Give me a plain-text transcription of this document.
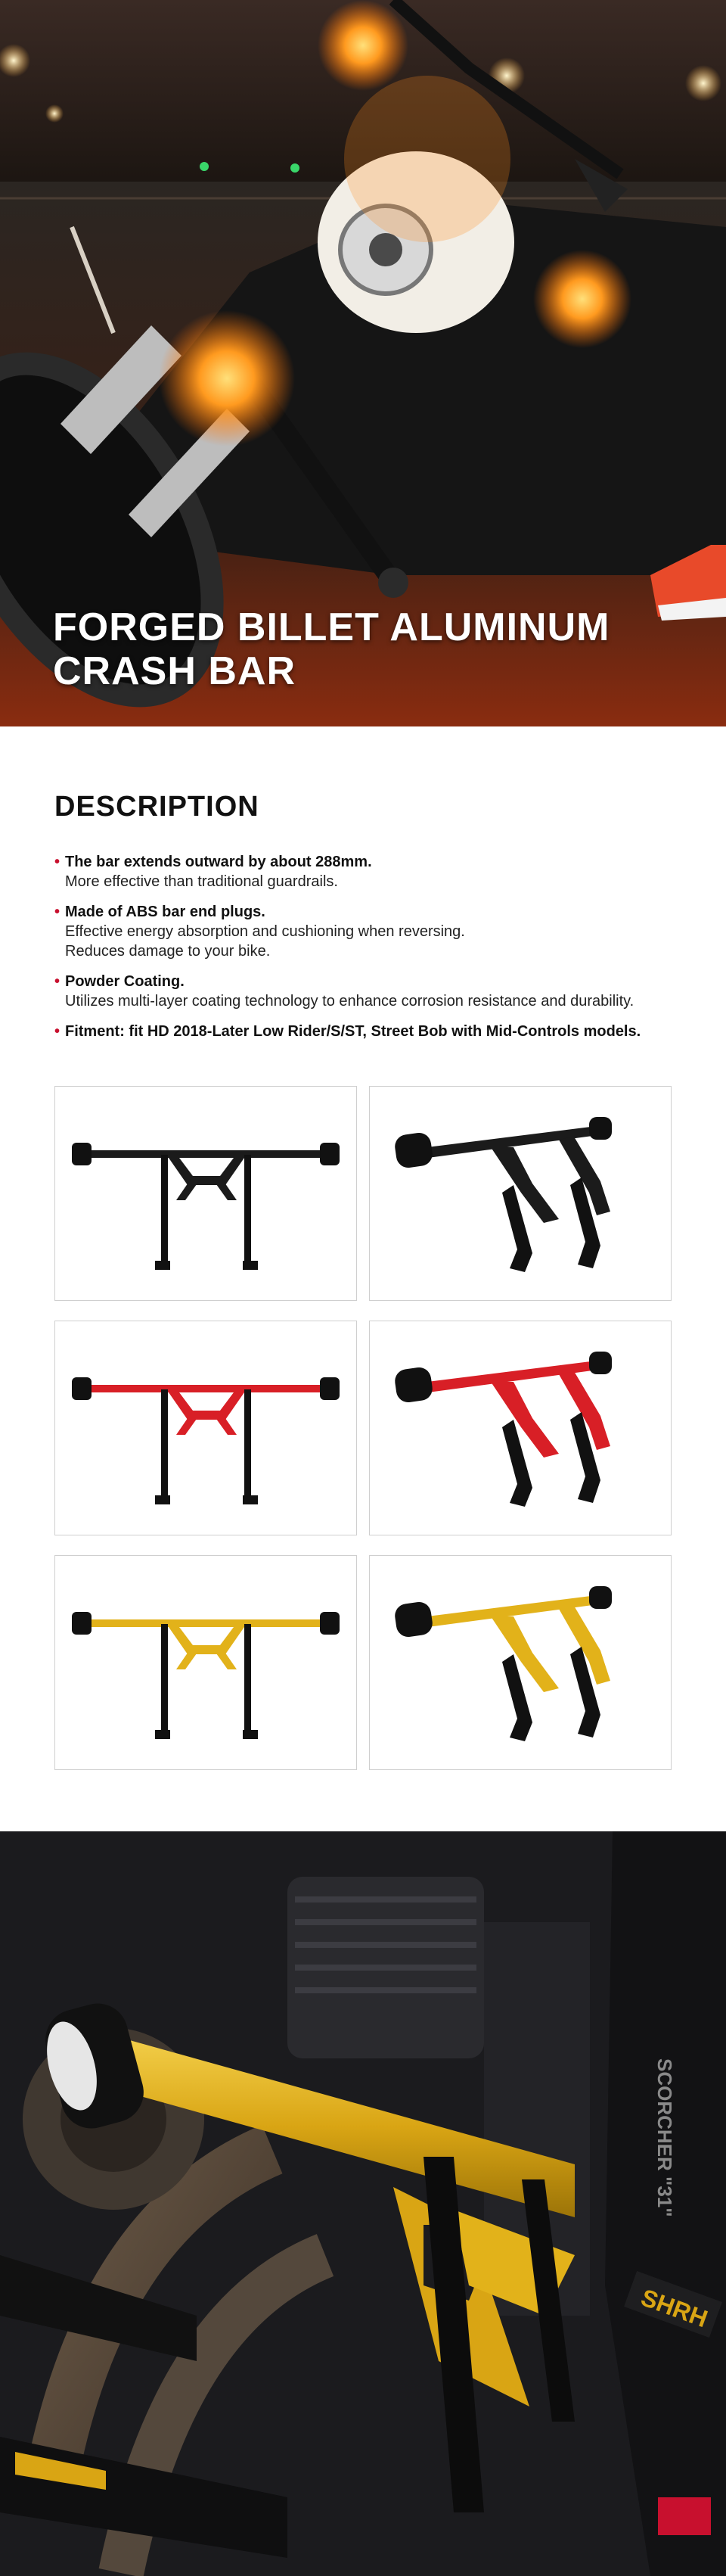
FORGED BILLET ALUMINUM
CRASH BAR
DESCRIPTION
• The bar extends outward by about 288mm.
More effective than traditional guardrails.
• Made of ABS bar end plugs.
Effective energy absorption and cushioning when reversing.
Reduces damage to your bike.
• Powder Coating.
Utilizes multi-layer coating technology to enhance corrosion resistance and durability.
• Fitment: fit HD 2018-Later Low Rider/S/ST, Street Bob with Mid-Controls models.
SCORCHER "31"
SHRH
